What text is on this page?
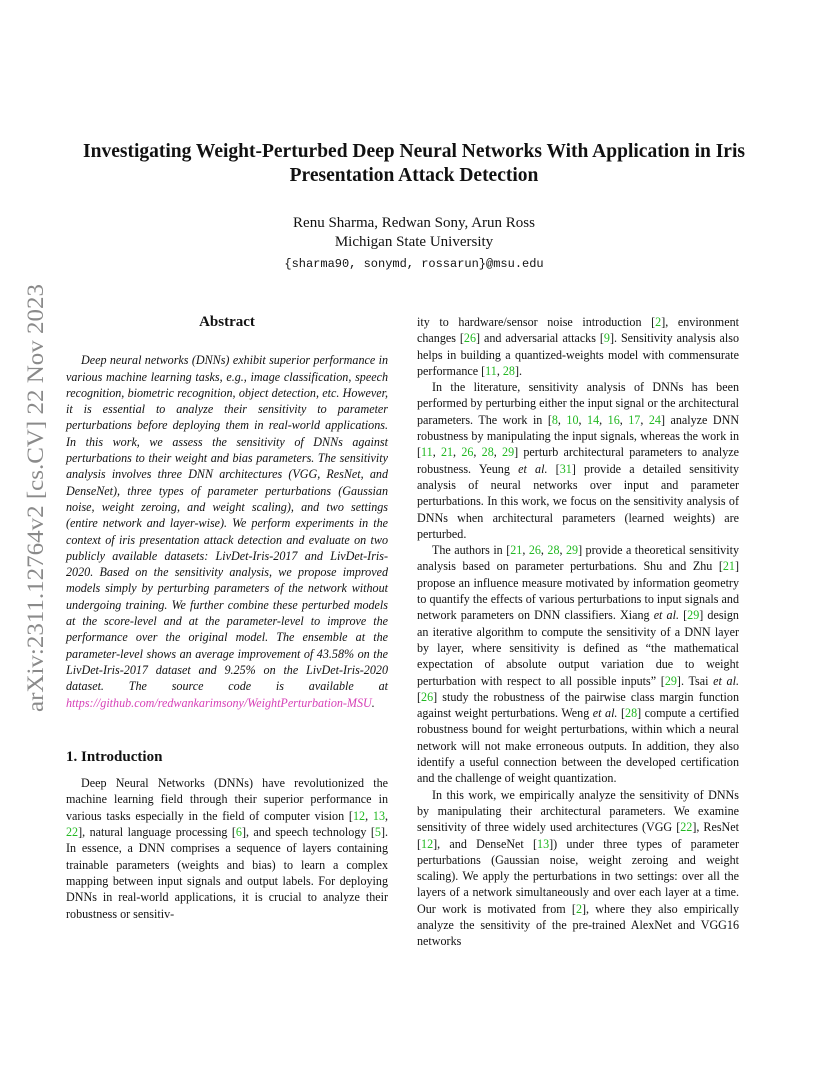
arXiv:2311.12764v2 [cs.CV] 22 Nov 2023
Investigating Weight-Perturbed Deep Neural Networks With Application in Iris
Presentation Attack Detection
Renu Sharma, Redwan Sony, Arun Ross
Michigan State University
{sharma90, sonymd, rossarun}@msu.edu
Abstract

Deep neural networks (DNNs) exhibit superior performance in various machine learning tasks, e.g., image classification, speech recognition, biometric recognition, object detection, etc. However, it is essential to analyze their sensitivity to parameter perturbations before deploying them in real-world applications. In this work, we assess the sensitivity of DNNs against perturbations to their weight and bias parameters. The sensitivity analysis involves three DNN architectures (VGG, ResNet, and DenseNet), three types of parameter perturbations (Gaussian noise, weight zeroing, and weight scaling), and two settings (entire network and layer-wise). We perform experiments in the context of iris presentation attack detection and evaluate on two publicly available datasets: LivDet-Iris-2017 and LivDet-Iris-2020. Based on the sensitivity analysis, we propose improved models simply by perturbing parameters of the network without undergoing training. We further combine these perturbed models at the score-level and at the parameter-level to improve the performance over the original model. The ensemble at the parameter-level shows an average improvement of 43.58% on the LivDet-Iris-2017 dataset and 9.25% on the LivDet-Iris-2020 dataset. The source code is available at https://github.com/redwankarimsony/WeightPerturbation-MSU.

1. Introduction

Deep Neural Networks (DNNs) have revolutionized the machine learning field through their superior performance in various tasks especially in the field of computer vision [12, 13, 22], natural language processing [6], and speech technology [5]. In essence, a DNN comprises a sequence of layers containing trainable parameters (weights and bias) to learn a complex mapping between input signals and output labels. For deploying DNNs in real-world applications, it is crucial to analyze their robustness or sensitiv-

ity to hardware/sensor noise introduction [2], environment changes [26] and adversarial attacks [9]. Sensitivity analysis also helps in building a quantized-weights model with commensurate performance [11, 28].

In the literature, sensitivity analysis of DNNs has been performed by perturbing either the input signal or the architectural parameters. The work in [8, 10, 14, 16, 17, 24] analyze DNN robustness by manipulating the input signals, whereas the work in [11, 21, 26, 28, 29] perturb architectural parameters to analyze robustness. Yeung et al. [31] provide a detailed sensitivity analysis of neural networks over input and parameter perturbations. In this work, we focus on the sensitivity analysis of DNNs when architectural parameters (learned weights) are perturbed.

The authors in [21, 26, 28, 29] provide a theoretical sensitivity analysis based on parameter perturbations. Shu and Zhu [21] propose an influence measure motivated by information geometry to quantify the effects of various perturbations to input signals and network parameters on DNN classifiers. Xiang et al. [29] design an iterative algorithm to compute the sensitivity of a DNN layer by layer, where sensitivity is defined as “the mathematical expectation of absolute output variation due to weight perturbation with respect to all possible inputs” [29]. Tsai et al. [26] study the robustness of the pairwise class margin function against weight perturbations. Weng et al. [28] compute a certified robustness bound for weight perturbations, within which a neural network will not make erroneous outputs. In addition, they also identify a useful connection between the developed certification and the challenge of weight quantization.

In this work, we empirically analyze the sensitivity of DNNs by manipulating their architectural parameters. We examine sensitivity of three widely used architectures (VGG [22], ResNet [12], and DenseNet [13]) under three types of parameter perturbations (Gaussian noise, weight zeroing and weight scaling). We apply the perturbations in two settings: over all the layers of a network simultaneously and over each layer at a time. Our work is motivated from [2], where they also empirically analyze the sensitivity of the pre-trained AlexNet and VGG16 networks
